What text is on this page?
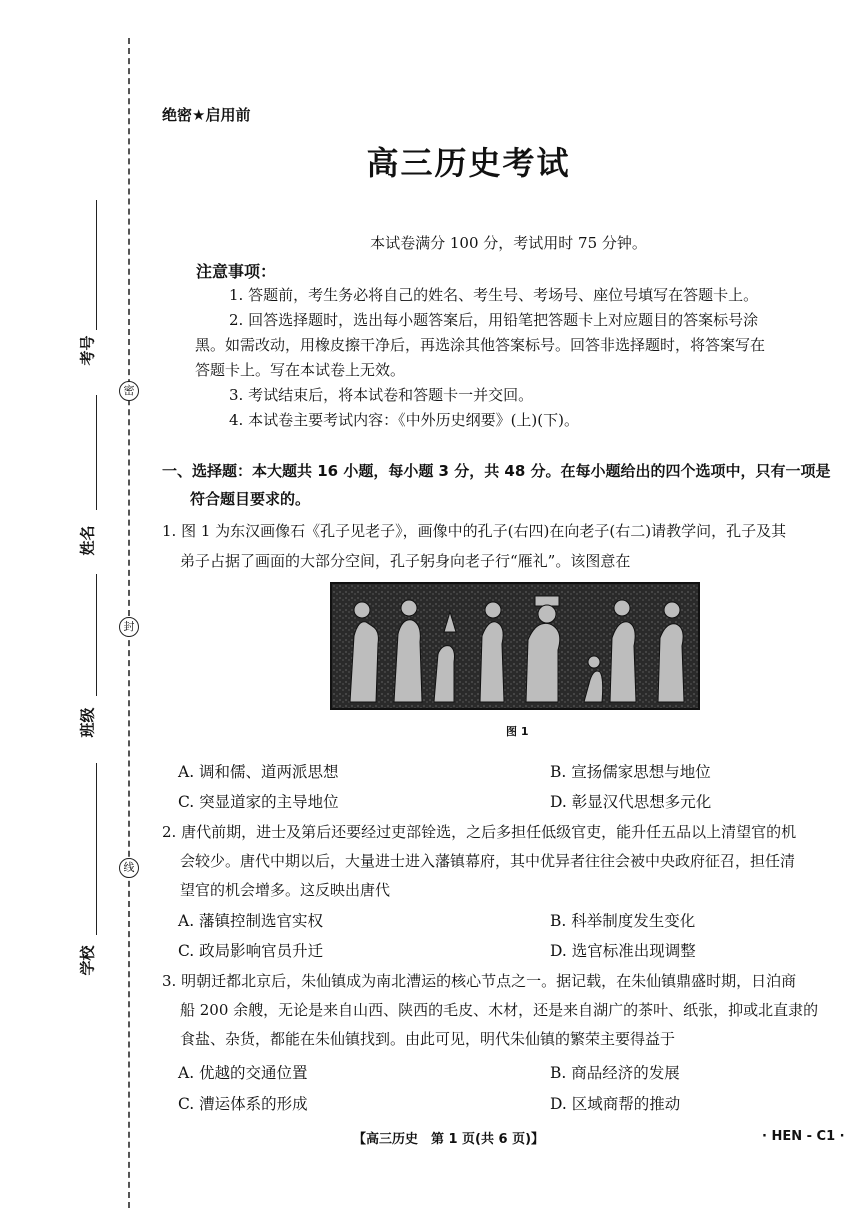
密
封
线
考号
姓名
班级
学校
绝密★启用前
高三历史考试
本试卷满分 100 分，考试用时 75 分钟。
注意事项：
1. 答题前，考生务必将自己的姓名、考生号、考场号、座位号填写在答题卡上。
2. 回答选择题时，选出每小题答案后，用铅笔把答题卡上对应题目的答案标号涂
黑。如需改动，用橡皮擦干净后，再选涂其他答案标号。回答非选择题时，将答案写在
答题卡上。写在本试卷上无效。
3. 考试结束后，将本试卷和答题卡一并交回。
4. 本试卷主要考试内容：《中外历史纲要》(上)(下)。
一、选择题：本大题共 16 小题，每小题 3 分，共 48 分。在每小题给出的四个选项中，只有一项是
符合题目要求的。
1. 图 1 为东汉画像石《孔子见老子》，画像中的孔子(右四)在向老子(右二)请教学问，孔子及其
弟子占据了画面的大部分空间，孔子躬身向老子行“雁礼”。该图意在
图 1
A. 调和儒、道两派思想	B. 宣扬儒家思想与地位
C. 突显道家的主导地位	D. 彰显汉代思想多元化
2. 唐代前期，进士及第后还要经过吏部铨选，之后多担任低级官吏，能升任五品以上清望官的机
会较少。唐代中期以后，大量进士进入藩镇幕府，其中优异者往往会被中央政府征召，担任清
望官的机会增多。这反映出唐代
A. 藩镇控制选官实权	B. 科举制度发生变化
C. 政局影响官员升迁	D. 选官标准出现调整
3. 明朝迁都北京后，朱仙镇成为南北漕运的核心节点之一。据记载，在朱仙镇鼎盛时期，日泊商
船 200 余艘，无论是来自山西、陕西的毛皮、木材，还是来自湖广的茶叶、纸张，抑或北直隶的
食盐、杂货，都能在朱仙镇找到。由此可见，明代朱仙镇的繁荣主要得益于
A. 优越的交通位置	B. 商品经济的发展
C. 漕运体系的形成	D. 区域商帮的推动
【高三历史　第 1 页(共 6 页)】	· HEN - C1 ·
